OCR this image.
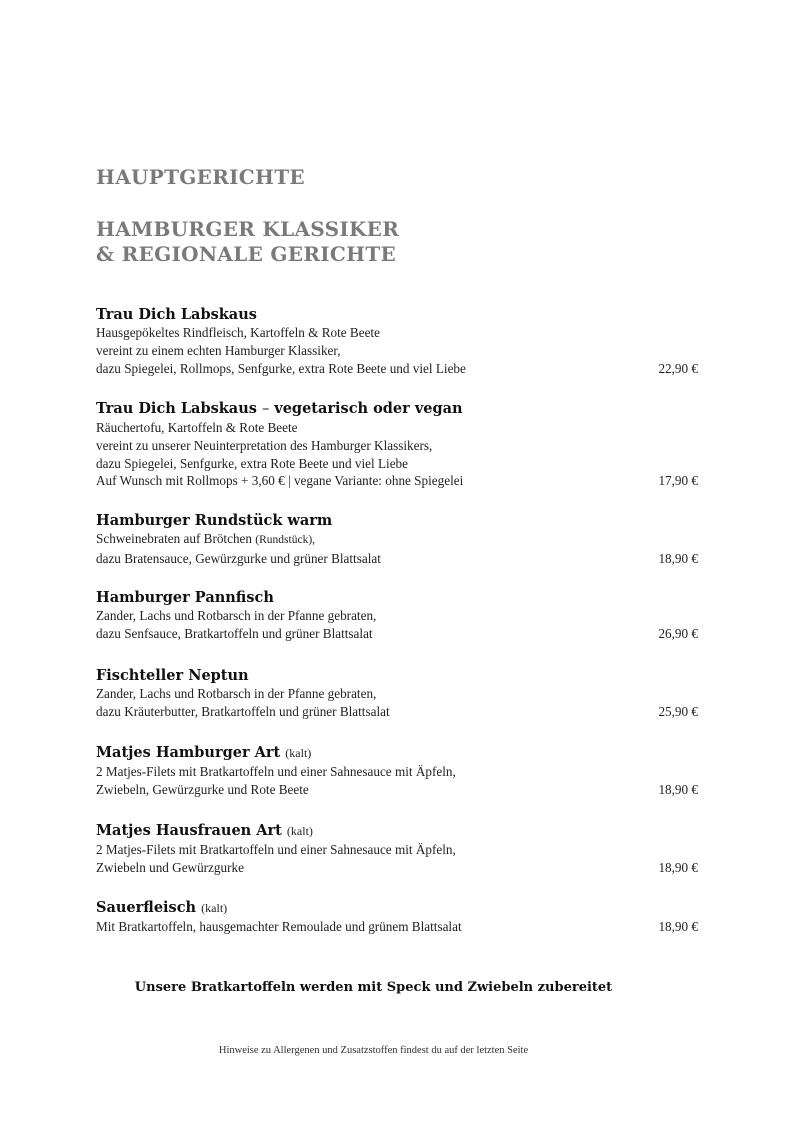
HAUPTGERICHTE
HAMBURGER KLASSIKER
& REGIONALE GERICHTE
Trau Dich Labskaus
Hausgepökeltes Rindfleisch, Kartoffeln & Rote Beete
vereint zu einem echten Hamburger Klassiker,
dazu Spiegelei, Rollmops, Senfgurke, extra Rote Beete und viel Liebe	22,90 €
Trau Dich Labskaus – vegetarisch oder vegan
Räuchertofu, Kartoffeln & Rote Beete
vereint zu unserer Neuinterpretation des Hamburger Klassikers,
dazu Spiegelei, Senfgurke, extra Rote Beete und viel Liebe
Auf Wunsch mit Rollmops + 3,60 € | vegane Variante: ohne Spiegelei	17,90 €
Hamburger Rundstück warm
Schweinebraten auf Brötchen (Rundstück),
dazu Bratensauce, Gewürzgurke und grüner Blattsalat	18,90 €
Hamburger Pannfisch
Zander, Lachs und Rotbarsch in der Pfanne gebraten,
dazu Senfsauce, Bratkartoffeln und grüner Blattsalat	26,90 €
Fischteller Neptun
Zander, Lachs und Rotbarsch in der Pfanne gebraten,
dazu Kräuterbutter, Bratkartoffeln und grüner Blattsalat	25,90 €
Matjes Hamburger Art (kalt)
2 Matjes-Filets mit Bratkartoffeln und einer Sahnesauce mit Äpfeln,
Zwiebeln, Gewürzgurke und Rote Beete	18,90 €
Matjes Hausfrauen Art (kalt)
2 Matjes-Filets mit Bratkartoffeln und einer Sahnesauce mit Äpfeln,
Zwiebeln und Gewürzgurke	18,90 €
Sauerfleisch (kalt)
Mit Bratkartoffeln, hausgemachter Remoulade und grünem Blattsalat	18,90 €
Unsere Bratkartoffeln werden mit Speck und Zwiebeln zubereitet
Hinweise zu Allergenen und Zusatzstoffen findest du auf der letzten Seite
